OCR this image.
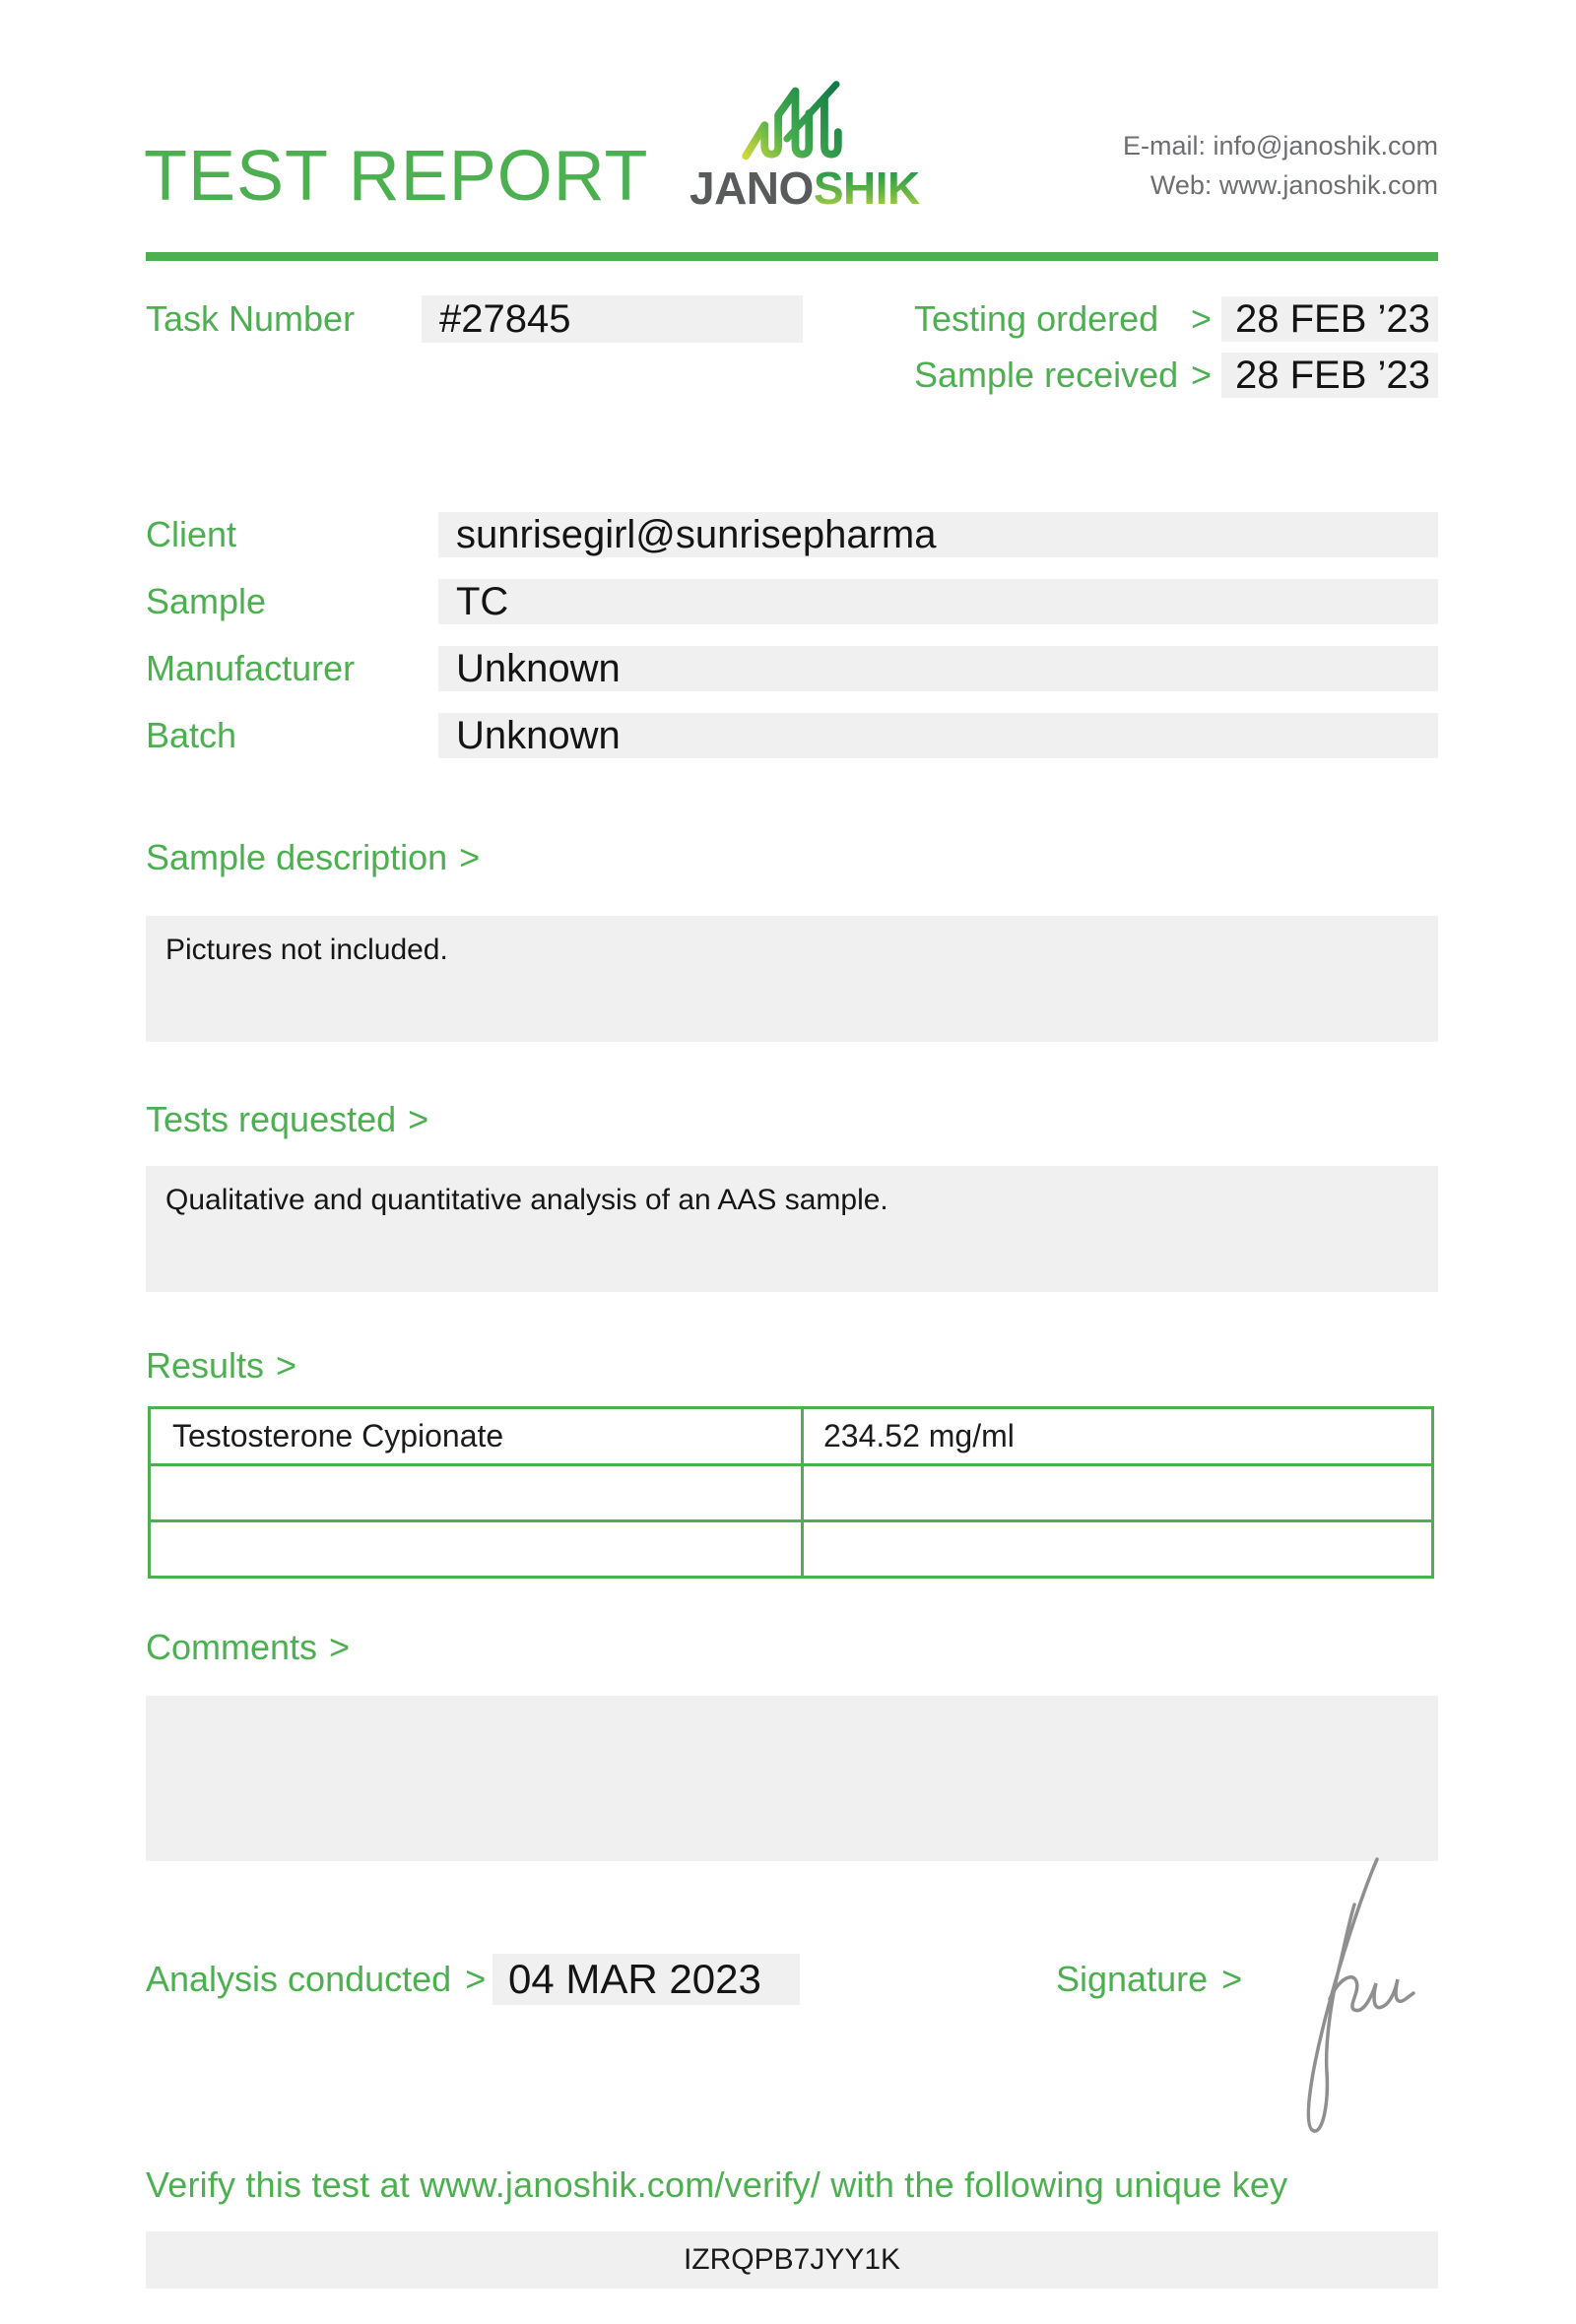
TEST REPORT JANO SHIK
E-mail: info@janoshik.com
Web: www.janoshik.com
Task Number	#27845	Testing ordered > 28 FEB ’23
Sample received > 28 FEB ’23
Client	sunrisegirl@sunrisepharma
Sample	TC
Manufacturer	Unknown
Batch	Unknown
Sample description >
Pictures not included.
Tests requested >
Qualitative and quantitative analysis of an AAS sample.
Results >
Testosterone Cypionate	234.52 mg/ml
Comments >
Analysis conducted > 04 MAR 2023	Signature >
Verify this test at www.janoshik.com/verify/ with the following unique key
IZRQPB7JYY1K
